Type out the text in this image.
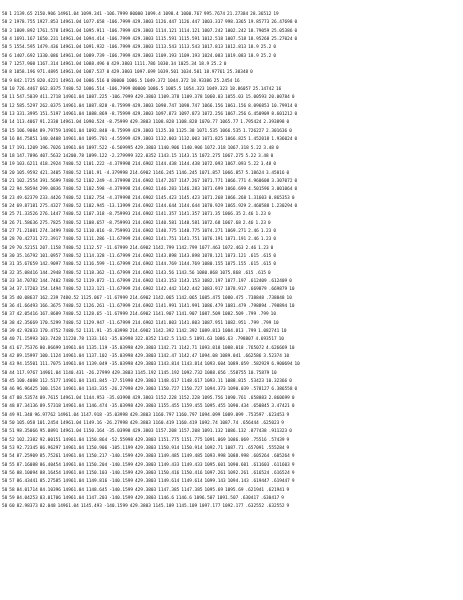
58 1 2139.65 2150.906 14961.04 1099.341 -106.7999 80000 1099.4 1098.4 1000.767 995.7674 21.27384 28.36512 19
58 2 1978.755 1927.853 14961.04 1077.658 -106.7999 429.3803 1126.447 1126.447 1003.337 998.3365 19.85773 26.47698 0
58 3 1809.892 1761.578 14961.04 1095.911 -106.7999 429.3803 1114.121 1114.121 1007.242 1002.242 18.79059 25.05386 0
58 4 1691.167 1650.231 14961.04 1094.414 -106.7999 429.3803 1115.591 1115.591 1012.518 1007.518 18.95268 25.27024 0
58 5 1554.595 1479.436 14961.04 1091.932 -106.7999 429.3803 1113.543 1113.543 1017.813 1012.813 18.9 25.2 0
58 6 1407.692 1330.086 14961.04 1089.739 -106.7999 429.3803 1109.193 1109.193 1024.083 1019.083 18.9 25.2 0
58 7 1257.908 1167.314 14961.04 1088.496 0 429.3803 1111.786 1030.34 1025.34 18.9 25.2 0
58 8 1058.196 971.4895 14961.04 1087.537 0 429.3803 1097.699 1039.501 1034.501 18.97761 25.30348 0
58 9 842.1725 820.4221 14961.04 1086.516 0 80000 1086.5 1049.372 1044.372 18.93386 25.2454 16
58 10 726.4467 662.8375 7480.52 1086.514 -106.7999 80000 1086.5 1085.5 1054.323 1049.323 18.86057 25.14742 16
58 11 547.5039 411.2718 14961.04 1087.225 -106.7999 429.3803 1109.378 1109.378 1060.03 1055.03 15.00593 20.00784 0
58 12 585.5297 262.0375 14961.04 1087.828 -8.75999 429.3803 1098.747 1098.747 1066.156 1061.156 8.096853 10.79914 0
58 13 331.3995 151.5197 14961.04 1088.869 -8.75999 429.3803 1097.873 1097.873 1072.256 1067.256 6.450909 8.601212 0
58 14 113.4067 91.2338 14961.04 1090.524 -8.75999 429.3803 1108.828 1108.828 1070.77 1065.77 1.795424 2.393898 0
58 15 106.9084 89.79759 14961.04 1092.848 -8.75999 429.3803 1125.38 1125.38 1071.535 1066.535 1.726227 2.301636 0
58 16 84.75851 140.0408 14961.04 1095.701 -4.55999 429.3803 1132.003 1132.003 1071.825 1066.825 1.452018 1.936024 0
58 17 191.1209 196.7026 14961.04 1097.522 -6.569995 429.3803 1140.906 1140.906 1072.318 1067.318 5.22 3.48 0
58 18 147.7896 407.5632 14200.78 1099.122 -2.279999 322.0352 1143.15 1143.15 1072.275 1067.275 5.22 3.48 0
58 19 103.6211 418.2924 7480.52 1101.222 -4.379998 214.6902 1144.438 1144.438 1072.093 1067.093 5.22 3.48 0
58 20 105.9592 421.3405 7480.52 1101.91 -4.379998 214.6902 1146.245 1146.245 1071.857 1066.857 5.18624 3.45816 0
58 21 102.2554 391.5699 7480.52 1102.249 -4.379998 214.6902 1147.267 1147.267 1071.771 1066.771 4.960608 3.307072 0
58 22 94.58594 299.0836 7480.52 1102.598 -4.379998 214.6902 1146.283 1146.283 1071.699 1066.699 4.501596 3.001064 0
58 23 49.62379 233.4426 7480.52 1102.754 -4.379998 214.6902 1145.423 1145.423 1071.268 1066.268 1.31603 0.865353 0
58 24 69.87181 275.4327 7480.52 1102.945 -13.13999 214.6902 1144.644 1144.644 1070.929 1065.929 2.460588 1.230294 0
58 25 71.33526 276.1447 7480.52 1107.318 -8.759993 214.6902 1141.357 1141.357 1071.35 1066.35 2.46 1.23 0
58 26 71.58636 275.7825 7480.52 1108.657 -8.759993 214.6902 1140.581 1140.581 1072.68 1067.68 2.46 1.23 0
58 27 71.21081 274.3499 7480.52 1110.016 -8.759993 214.6902 1140.775 1140.775 1074.271 1069.271 2.46 1.23 0
58 28 70.42731 272.3917 7480.52 1111.286 -11.67999 214.6902 1141.751 1141.751 1076.191 1071.191 2.46 1.23 0
58 29 70.52151 207.1158 7480.52 1112.57 -11.67999 214.6902 1142.799 1142.799 1077.463 1072.463 2.46 1.23 0
58 30 35.16792 101.0957 7480.52 1114.328 -11.67999 214.6902 1143.898 1143.898 1078.121 1073.121 .615 .615 0
58 31 35.67659 142.9097 7480.52 1116.599 -11.67999 214.6902 1144.769 1144.769 1080.155 1075.155 .615 .615 0
58 32 35.08416 144.2948 7480.52 1118.362 -11.67999 214.6902 1143.56 1143.56 1080.868 1075.868 .615 .615 0
58 33 34.70782 144.7482 7480.52 1119.872 -11.67999 214.6902 1143.153 1143.153 1082.197 1077.197 .612409 .612409 0
58 34 37.17203 154.1494 7480.52 1123.121 -11.67999 214.6902 1142.442 1142.442 1083.917 1078.917 .669879 .669879 10
58 35 40.08637 162.239 7480.52 1125.067 -11.67999 214.6902 1142.065 1142.065 1085.475 1080.475 .738848 .738848 10
58 36 41.66493 166.3675 7480.52 1126.261 -11.67999 214.6902 1141.991 1141.991 1086.479 1081.479 .798894 .798894 10
58 37 42.05416 167.8689 7480.52 1128.65 -11.67999 214.6902 1141.907 1141.907 1087.509 1082.509 .799 .799 10
58 38 42.35669 170.5299 7480.52 1129.947 -11.67999 214.6902 1141.803 1141.803 1087.951 1082.951 .799 .799 10
58 39 42.92033 170.4752 7480.52 1131.91 -35.03998 214.6902 1142.392 1142.392 1089.813 1084.813 .799 1.082741 10
58 40 71.15993 103.7428 11220.78 1133.161 -35.03998 322.0352 1142.5 1142.5 1091.63 1086.63 .798807 4.693517 10
58 41 67.75376 80.86699 14961.04 1135.119 -35.03998 429.3803 1142.71 1142.71 1093.018 1088.018 .765072 4.626669 10
58 42 89.15997 100.1124 14961.04 1137.102 -35.03998 429.3803 1142.47 1142.47 1094.08 1089.041 .662586 3.52374 10
58 43 94.15501 111.7075 14961.04 1139.049 -35.03998 429.3803 1143.814 1143.814 1093.604 1089.059 .582929 6.900694 10
58 44 117.9767 14961.04 1140.431 -26.27999 429.3803 1145.192 1145.192 1092.732 1088.656 .558755 10.75879 10
58 45 100.4088 112.5177 14961.04 1141.845 -17.51998 429.3803 1148.617 1148.617 1093.11 1088.815 .53423 10.32366 0
58 46 96.96425 100.1524 14961.04 1143.335 -26.27998 429.3803 1150.727 1150.727 1094.373 1090.039 .578127 6.386558 0
58 47 88.53574 89.7615 14961.04 1144.953 -35.03998 429.3803 1152.228 1152.228 1095.756 1090.761 .658883 2.860699 0
58 48 87.34136 89.57318 14961.04 1146.474 -35.03998 429.3803 1155.455 1159.455 1095.455 1090.434 .650845 3.47421 0
58 49 91.348 96.97762 14961.04 1147.918 -35.03998 429.3803 1160.797 1160.797 1094.099 1089.099 .753597 .623453 9
58 50 105.058 101.2454 14961.04 1149.16 -26.27998 429.3803 1160.419 1160.419 1092.74 1087.74 .656444 .625023 9
58 51 98.35066 95.0891 14961.04 1150.164 -35.03998 429.3803 1157.208 1157.208 1091.132 1086.132 .877438 .911323 0
58 52 102.2382 92.00151 14961.04 1150.864 -52.55998 429.3803 1151.775 1151.775 1091.069 1086.069 .75516 .57439 9
58 53 92.72345 86.96297 14961.04 1150.906 -105.1199 429.3803 1150.914 1150.914 1092.71 1087.71 .657091 .555284 9
58 54 87.25909 85.75261 14961.04 1150.217 -140.1599 429.3803 1149.485 1149.485 1093.998 1088.998 .605264 .605264 9
58 55 87.16088 86.40454 14961.04 1150.204 -140.1599 429.3803 1149.433 1149.433 1095.601 1090.601 .611603 .611603 9
58 56 88.10094 88.16454 14961.04 1150.103 -140.1599 429.3803 1150.416 1150.416 1097.261 1092.261 .616524 .616524 9
58 57 86.43441 85.27585 14961.04 1149.816 -140.1599 429.3803 1149.614 1149.614 1099.143 1094.143 .619447 .619447 9
58 58 84.01714 84.10396 14961.04 1148.645 -140.1599 429.3803 1147.385 1147.385 1095.69 1095.69 .621941 .621941 9
58 59 84.04253 83.01706 14961.04 1147.203 -140.1599 429.3803 1146.6 1146.6 1096.507 1091.507 .630417 .630417 9
58 60 82.98373 82.048 14961.04 1145.493 -140.1599 429.3803 1145.109 1145.109 1097.177 1092.177 .632552 .632552 9
